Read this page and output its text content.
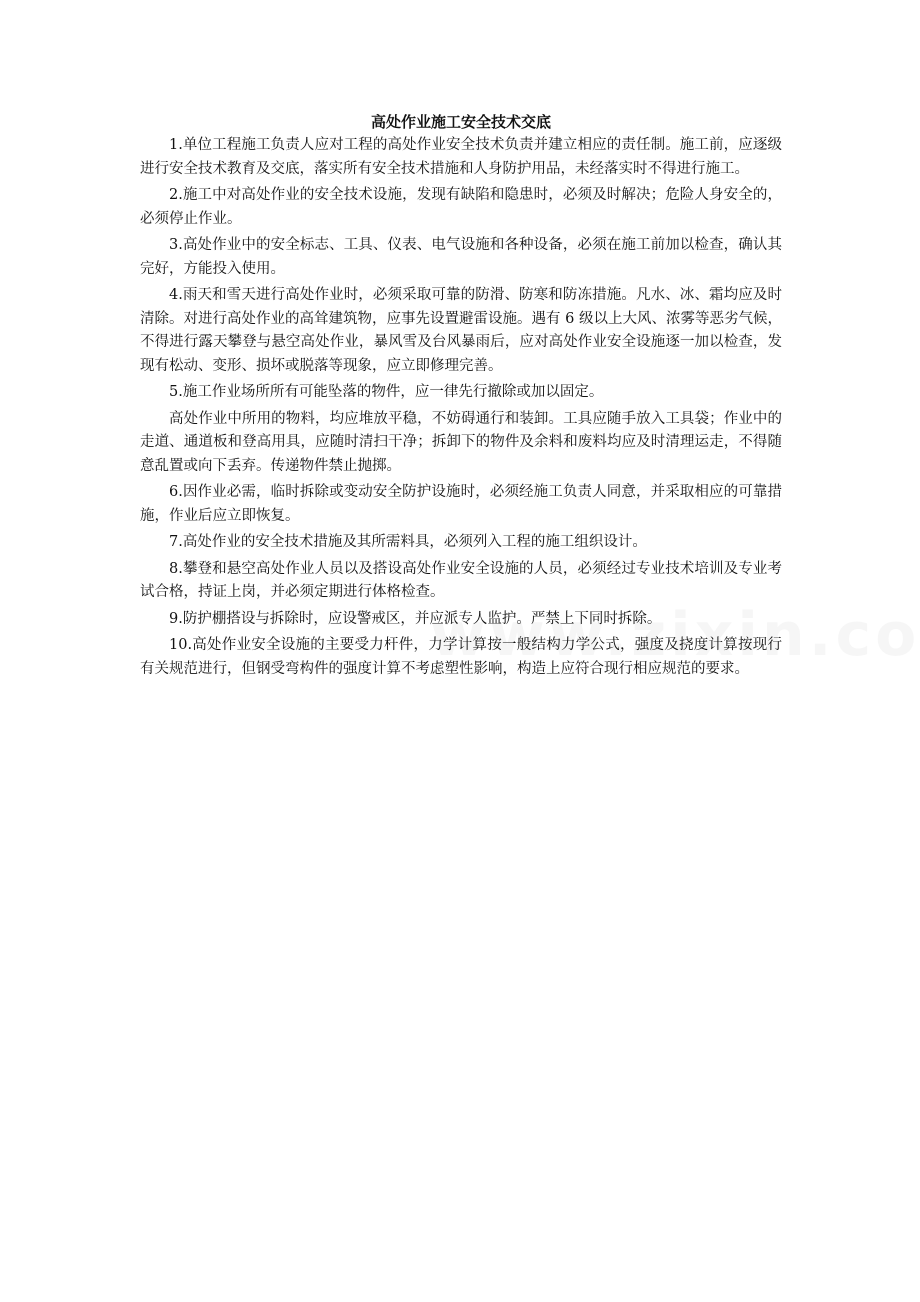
高处作业施工安全技术交底

1.单位工程施工负责人应对工程的高处作业安全技术负责并建立相应的责任制。施工前，应逐级进行安全技术教育及交底，落实所有安全技术措施和人身防护用品，未经落实时不得进行施工。

2.施工中对高处作业的安全技术设施，发现有缺陷和隐患时，必须及时解决；危险人身安全的，必须停止作业。

3.高处作业中的安全标志、工具、仪表、电气设施和各种设备，必须在施工前加以检查，确认其完好，方能投入使用。

4.雨天和雪天进行高处作业时，必须采取可靠的防滑、防寒和防冻措施。凡水、冰、霜均应及时清除。对进行高处作业的高耸建筑物，应事先设置避雷设施。遇有 6 级以上大风、浓雾等恶劣气候，不得进行露天攀登与悬空高处作业，暴风雪及台风暴雨后，应对高处作业安全设施逐一加以检查，发现有松动、变形、损坏或脱落等现象，应立即修理完善。

5.施工作业场所所有可能坠落的物件，应一律先行撤除或加以固定。

高处作业中所用的物料，均应堆放平稳，不妨碍通行和装卸。工具应随手放入工具袋；作业中的走道、通道板和登高用具，应随时清扫干净；拆卸下的物件及余料和废料均应及时清理运走，不得随意乱置或向下丢弃。传递物件禁止抛掷。

6.因作业必需，临时拆除或变动安全防护设施时，必须经施工负责人同意，并采取相应的可靠措施，作业后应立即恢复。

7.高处作业的安全技术措施及其所需料具，必须列入工程的施工组织设计。

8.攀登和悬空高处作业人员以及搭设高处作业安全设施的人员，必须经过专业技术培训及专业考试合格，持证上岗，并必须定期进行体格检查。

9.防护棚搭设与拆除时，应设警戒区，并应派专人监护。严禁上下同时拆除。

10.高处作业安全设施的主要受力杆件，力学计算按一般结构力学公式，强度及挠度计算按现行有关规范进行，但钢受弯构件的强度计算不考虑塑性影响，构造上应符合现行相应规范的要求。
